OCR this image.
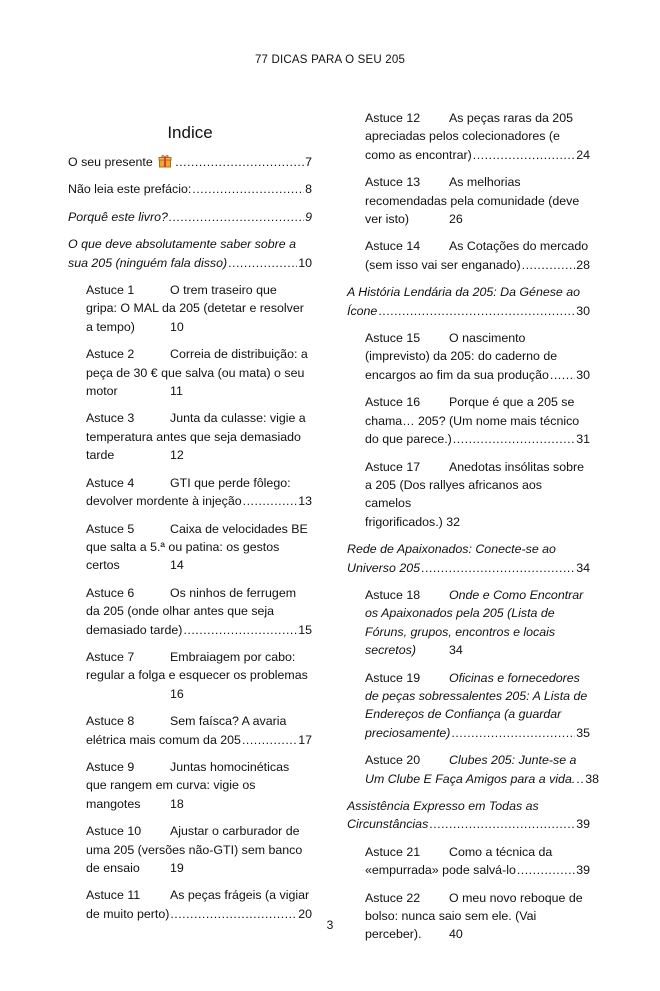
77 DICAS PARA O SEU 205
Indice
O seu presente .....	7
Não leia este prefácio: .....	8
Porquê este livro? .....	9
O que deve absolutamente saber sobre a
sua 205 (ninguém fala disso) .....	10
Astuce 1	O trem traseiro que
gripa: O MAL da 205 (detetar e resolver
a tempo)	10
Astuce 2	Correia de distribuição: a
peça de 30 € que salva (ou mata) o seu
motor	11
Astuce 3	Junta da culasse: vigie a
temperatura antes que seja demasiado
tarde	12
Astuce 4	GTI que perde fôlego:
devolver mordente à injeção .....	13
Astuce 5	Caixa de velocidades BE
que salta a 5.ª ou patina: os gestos
certos	14
Astuce 6	Os ninhos de ferrugem
da 205 (onde olhar antes que seja
demasiado tarde) .....	15
Astuce 7	Embraiagem por cabo:
regular a folga e esquecer os problemas
16
Astuce 8	Sem faísca? A avaria
elétrica mais comum da 205 .....	17
Astuce 9	Juntas homocinéticas
que rangem em curva: vigie os
mangotes 18
Astuce 10 Ajustar o carburador de
uma 205 (versões não-GTI) sem banco
de ensaio 19
Astuce 11 As peças frágeis (a vigiar
de muito perto) .....	20
Astuce 12 As peças raras da 205
apreciadas pelos colecionadores (e
como as encontrar) .....	24
Astuce 13 As melhorias
recomendadas pela comunidade (deve
ver isto)	26
Astuce 14 As Cotações do mercado
(sem isso vai ser enganado) .....	28
A História Lendária da 205: Da Génese ao
Ícone .....	30
Astuce 15 O nascimento
(imprevisto) da 205: do caderno de
encargos ao fim da sua produção ..... 30
Astuce 16 Porque é que a 205 se
chama… 205? (Um nome mais técnico
do que parece.) .....	31
Astuce 17 Anedotas insólitas sobre
a 205 (Dos rallyes africanos aos camelos
frigorificados.) 32
Rede de Apaixonados: Conecte-se ao
Universo 205 .....	34
Astuce 18 Onde e Como Encontrar
os Apaixonados pela 205 (Lista de
Fóruns, grupos, encontros e locais
secretos)	34
Astuce 19 Oficinas e fornecedores
de peças sobressalentes 205: A Lista de
Endereços de Confiança (a guardar
preciosamente) .....	35
Astuce 20 Clubes 205: Junte-se a
Um Clube E Faça Amigos para a vida. ..... 38
Assistência Expresso em Todas as
Circunstâncias .....	39
Astuce 21 Como a técnica da
«empurrada» pode salvá-lo .....	39
Astuce 22 O meu novo reboque de
bolso: nunca saio sem ele. (Vai
perceber). 40
3
